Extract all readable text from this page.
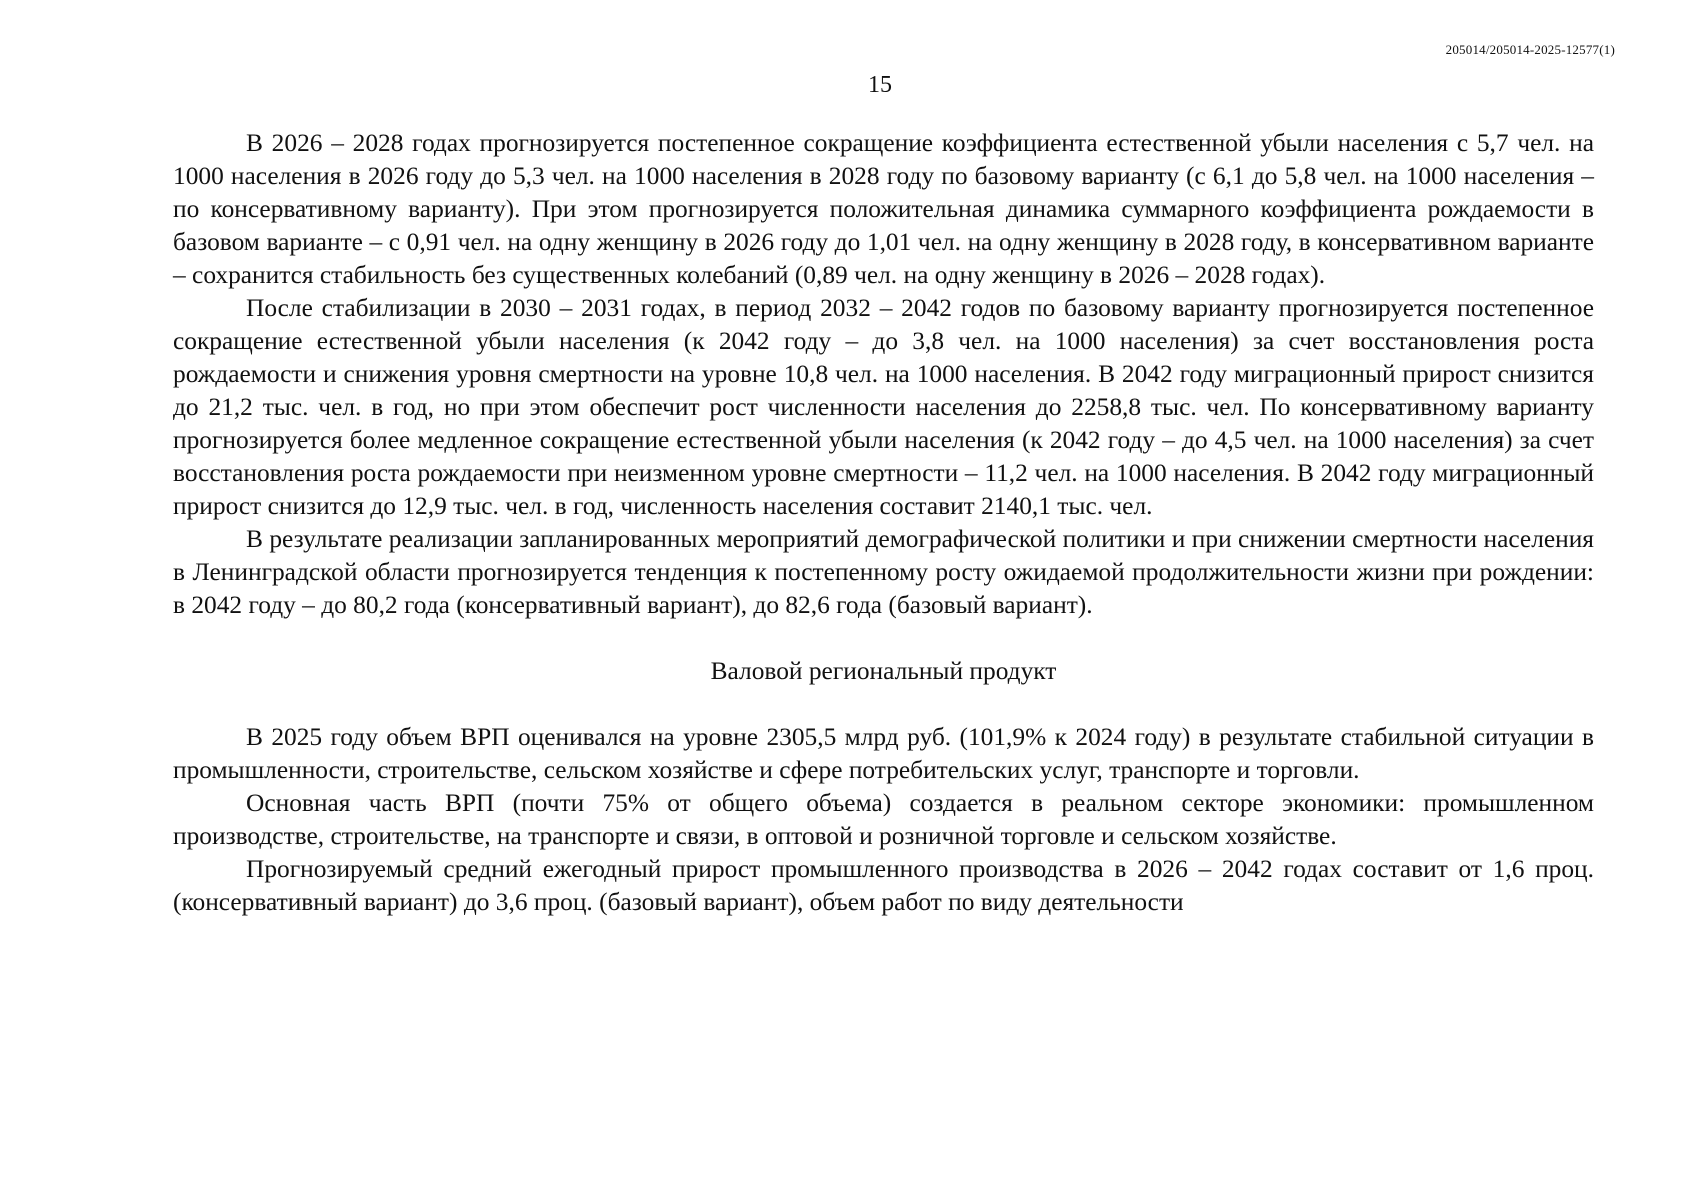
205014/205014-2025-12577(1)
15

В 2026 – 2028 годах прогнозируется постепенное сокращение коэффициента естественной убыли населения с 5,7 чел. на 1000 населения в 2026 году до 5,3 чел. на 1000 населения в 2028 году по базовому варианту (с 6,1 до 5,8 чел. на 1000 населения – по консервативному варианту). При этом прогнозируется положительная динамика суммарного коэффициента рождаемости в базовом варианте – с 0,91 чел. на одну женщину в 2026 году до 1,01 чел. на одну женщину в 2028 году, в консервативном варианте – сохранится стабильность без существенных колебаний (0,89 чел. на одну женщину в 2026 – 2028 годах).

После стабилизации в 2030 – 2031 годах, в период 2032 – 2042 годов по базовому варианту прогнозируется постепенное сокращение естественной убыли населения (к 2042 году – до 3,8 чел. на 1000 населения) за счет восстановления роста рождаемости и снижения уровня смертности на уровне 10,8 чел. на 1000 населения. В 2042 году миграционный прирост снизится до 21,2 тыс. чел. в год, но при этом обеспечит рост численности населения до 2258,8 тыс. чел. По консервативному варианту прогнозируется более медленное сокращение естественной убыли населения (к 2042 году – до 4,5 чел. на 1000 населения) за счет восстановления роста рождаемости при неизменном уровне смертности – 11,2 чел. на 1000 населения. В 2042 году миграционный прирост снизится до 12,9 тыс. чел. в год, численность населения составит 2140,1 тыс. чел.

В результате реализации запланированных мероприятий демографической политики и при снижении смертности населения в Ленинградской области прогнозируется тенденция к постепенному росту ожидаемой продолжительности жизни при рождении: в 2042 году – до 80,2 года (консервативный вариант), до 82,6 года (базовый вариант).

Валовой региональный продукт

В 2025 году объем ВРП оценивался на уровне 2305,5 млрд руб. (101,9% к 2024 году) в результате стабильной ситуации в промышленности, строительстве, сельском хозяйстве и сфере потребительских услуг, транспорте и торговли.

Основная часть ВРП (почти 75% от общего объема) создается в реальном секторе экономики: промышленном производстве, строительстве, на транспорте и связи, в оптовой и розничной торговле и сельском хозяйстве.

Прогнозируемый средний ежегодный прирост промышленного производства в 2026 – 2042 годах составит от 1,6 проц. (консервативный вариант) до 3,6 проц. (базовый вариант), объем работ по виду деятельности
